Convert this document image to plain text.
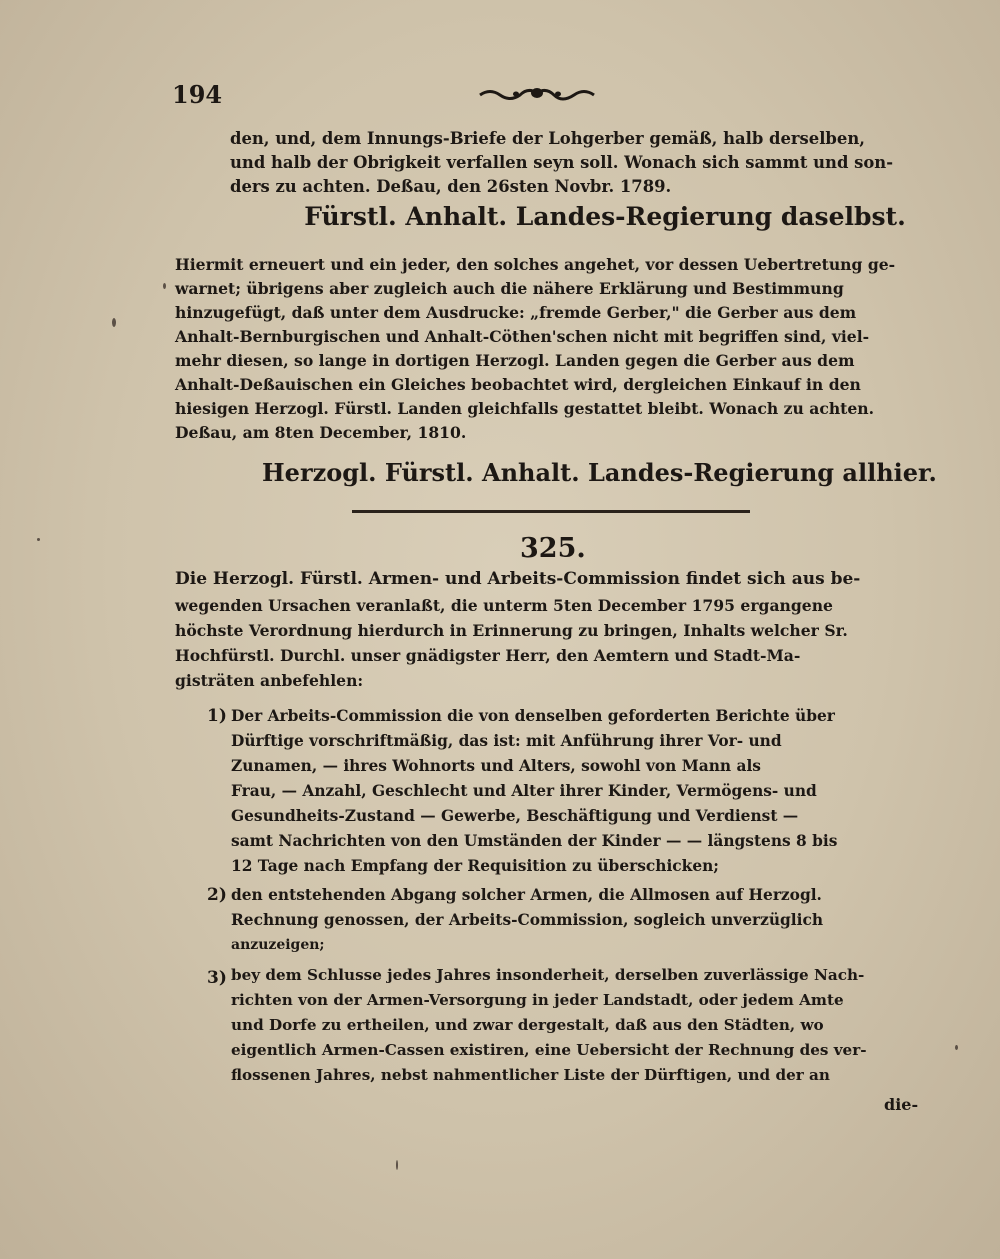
194
den, und, dem Innungs-Briefe der Lohgerber gemäß, halb derselben,
und halb der Obrigkeit verfallen seyn soll. Wonach sich sammt und son-
ders zu achten. Deßau, den 26sten Novbr. 1789.
Fürstl. Anhalt. Landes-Regierung daselbst.
Hiermit erneuert und ein jeder, den solches angehet, vor dessen Uebertretung ge-
warnet; übrigens aber zugleich auch die nähere Erklärung und Bestimmung
hinzugefügt, daß unter dem Ausdrucke: „fremde Gerber," die Gerber aus dem
Anhalt-Bernburgischen und Anhalt-Cöthen'schen nicht mit begriffen sind, viel-
mehr diesen, so lange in dortigen Herzogl. Landen gegen die Gerber aus dem
Anhalt-Deßauischen ein Gleiches beobachtet wird, dergleichen Einkauf in den
hiesigen Herzogl. Fürstl. Landen gleichfalls gestattet bleibt. Wonach zu achten.
Deßau, am 8ten December, 1810.
Herzogl. Fürstl. Anhalt. Landes-Regierung allhier.
325.
Die Herzogl. Fürstl. Armen- und Arbeits-Commission findet sich aus be-
wegenden Ursachen veranlaßt, die unterm 5ten December 1795 ergangene
höchste Verordnung hierdurch in Erinnerung zu bringen, Inhalts welcher Sr.
Hochfürstl. Durchl. unser gnädigster Herr, den Aemtern und Stadt-Ma-
gisträten anbefehlen:
1) Der Arbeits-Commission die von denselben geforderten Berichte über
Dürftige vorschriftmäßig, das ist: mit Anführung ihrer Vor- und
Zunamen, — ihres Wohnorts und Alters, sowohl von Mann als
Frau, — Anzahl, Geschlecht und Alter ihrer Kinder, Vermögens- und
Gesundheits-Zustand — Gewerbe, Beschäftigung und Verdienst —
samt Nachrichten von den Umständen der Kinder — — längstens 8 bis
12 Tage nach Empfang der Requisition zu überschicken;
2) den entstehenden Abgang solcher Armen, die Allmosen auf Herzogl.
Rechnung genossen, der Arbeits-Commission, sogleich unverzüglich
anzuzeigen;
3) bey dem Schlusse jedes Jahres insonderheit, derselben zuverlässige Nach-
richten von der Armen-Versorgung in jeder Landstadt, oder jedem Amte
und Dorfe zu ertheilen, und zwar dergestalt, daß aus den Städten, wo
eigentlich Armen-Cassen existiren, eine Uebersicht der Rechnung des ver-
flossenen Jahres, nebst nahmentlicher Liste der Dürftigen, und der an
die-
